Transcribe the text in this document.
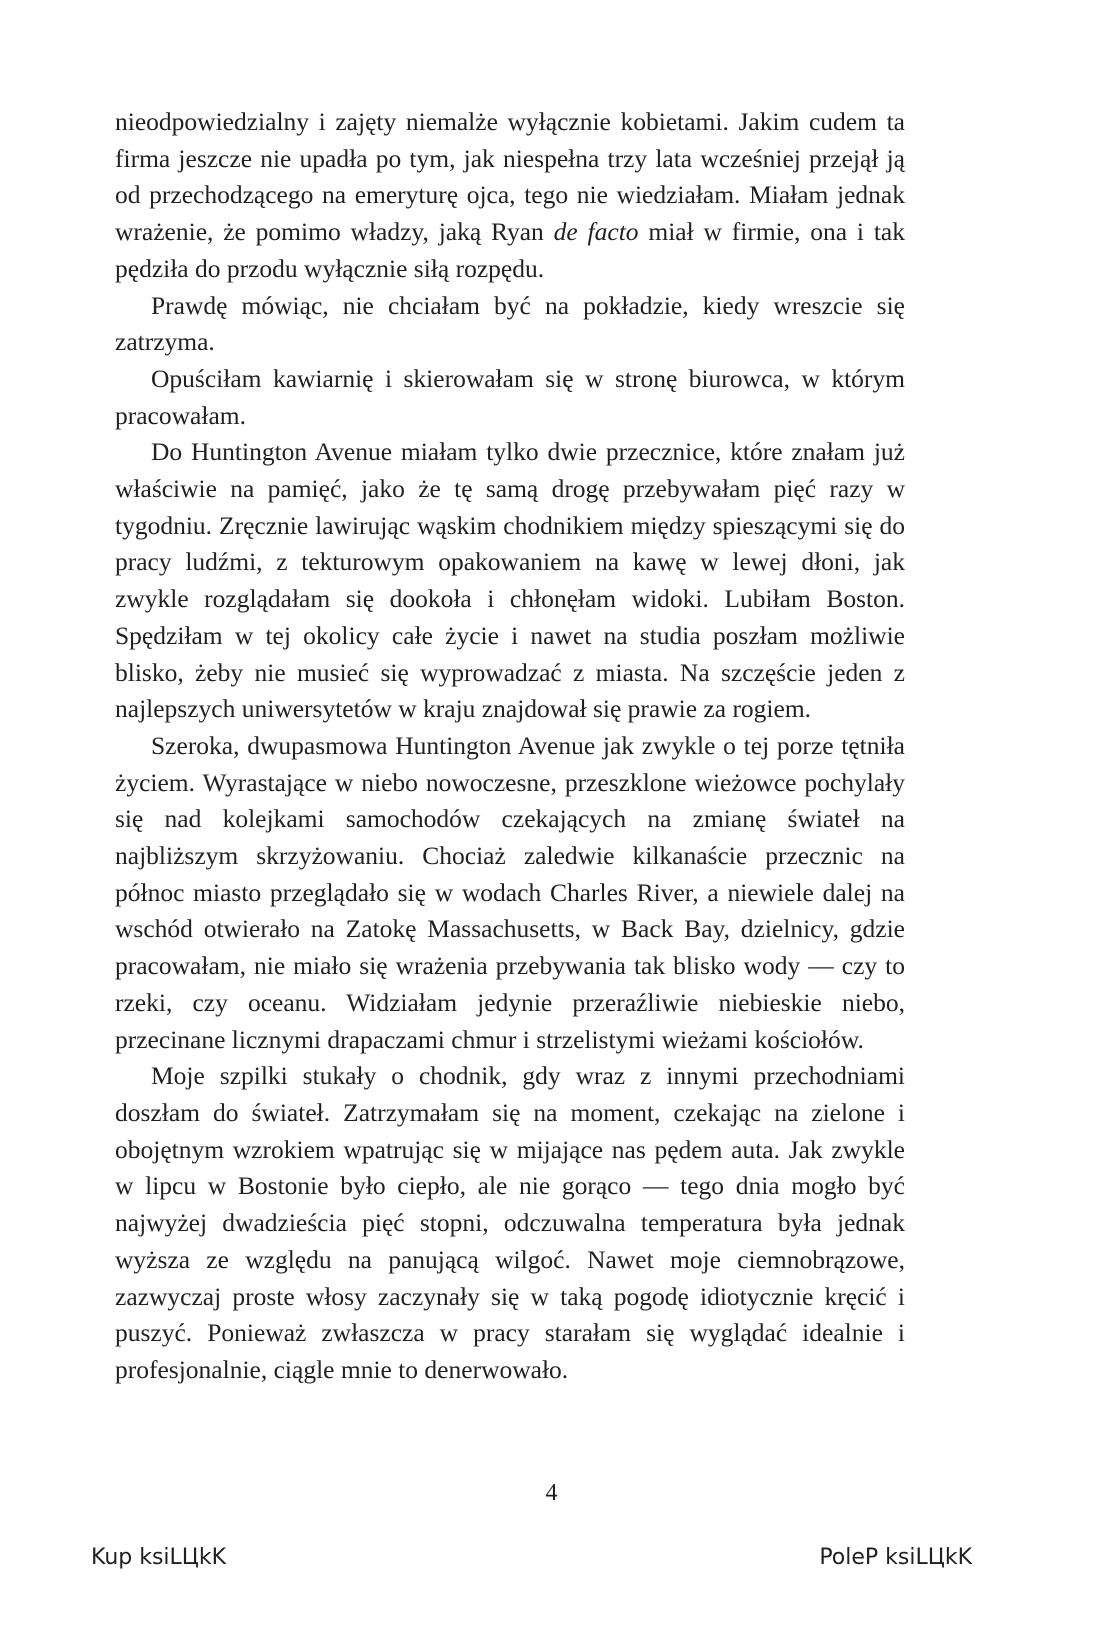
nieodpowiedzialny i zajęty niemalże wyłącznie kobietami. Jakim cudem ta firma jeszcze nie upadła po tym, jak niespełna trzy lata wcześniej przejął ją od przechodzącego na emeryturę ojca, tego nie wiedziałam. Miałam jednak wrażenie, że pomimo władzy, jaką Ryan de facto miał w firmie, ona i tak pędziła do przodu wyłącznie siłą rozpędu.

Prawdę mówiąc, nie chciałam być na pokładzie, kiedy wreszcie się zatrzyma.

Opuściłam kawiarnię i skierowałam się w stronę biurowca, w którym pracowałam.

Do Huntington Avenue miałam tylko dwie przecznice, które znałam już właściwie na pamięć, jako że tę samą drogę przebywałam pięć razy w tygodniu. Zręcznie lawirując wąskim chodnikiem między spieszącymi się do pracy ludźmi, z tekturowym opakowaniem na kawę w lewej dłoni, jak zwykle rozglądałam się dookoła i chłonęłam widoki. Lubiłam Boston. Spędziłam w tej okolicy całe życie i nawet na studia poszłam możliwie blisko, żeby nie musieć się wyprowadzać z miasta. Na szczęście jeden z najlepszych uniwersytetów w kraju znajdował się prawie za rogiem.

Szeroka, dwupasmowa Huntington Avenue jak zwykle o tej porze tętniła życiem. Wyrastające w niebo nowoczesne, przeszklone wieżowce pochylały się nad kolejkami samochodów czekających na zmianę świateł na najbliższym skrzyżowaniu. Chociaż zaledwie kilkanaście przecznic na północ miasto przeglądało się w wodach Charles River, a niewiele dalej na wschód otwierało na Zatokę Massachusetts, w Back Bay, dzielnicy, gdzie pracowałam, nie miało się wrażenia przebywania tak blisko wody — czy to rzeki, czy oceanu. Widziałam jedynie przeraźliwie niebieskie niebo, przecinane licznymi drapaczami chmur i strzelistymi wieżami kościołów.

Moje szpilki stukały o chodnik, gdy wraz z innymi przechodniami doszłam do świateł. Zatrzymałam się na moment, czekając na zielone i obojętnym wzrokiem wpatrując się w mijające nas pędem auta. Jak zwykle w lipcu w Bostonie było ciepło, ale nie gorąco — tego dnia mogło być najwyżej dwadzieścia pięć stopni, odczuwalna temperatura była jednak wyższa ze względu na panującą wilgoć. Nawet moje ciemnobrązowe, zazwyczaj proste włosy zaczynały się w taką pogodę idiotycznie kręcić i puszyć. Ponieważ zwłaszcza w pracy starałam się wyglądać idealnie i profesjonalnie, ciągle mnie to denerwowało.

4
Kup ksiLЦkK	PoleP ksiLЦkK
